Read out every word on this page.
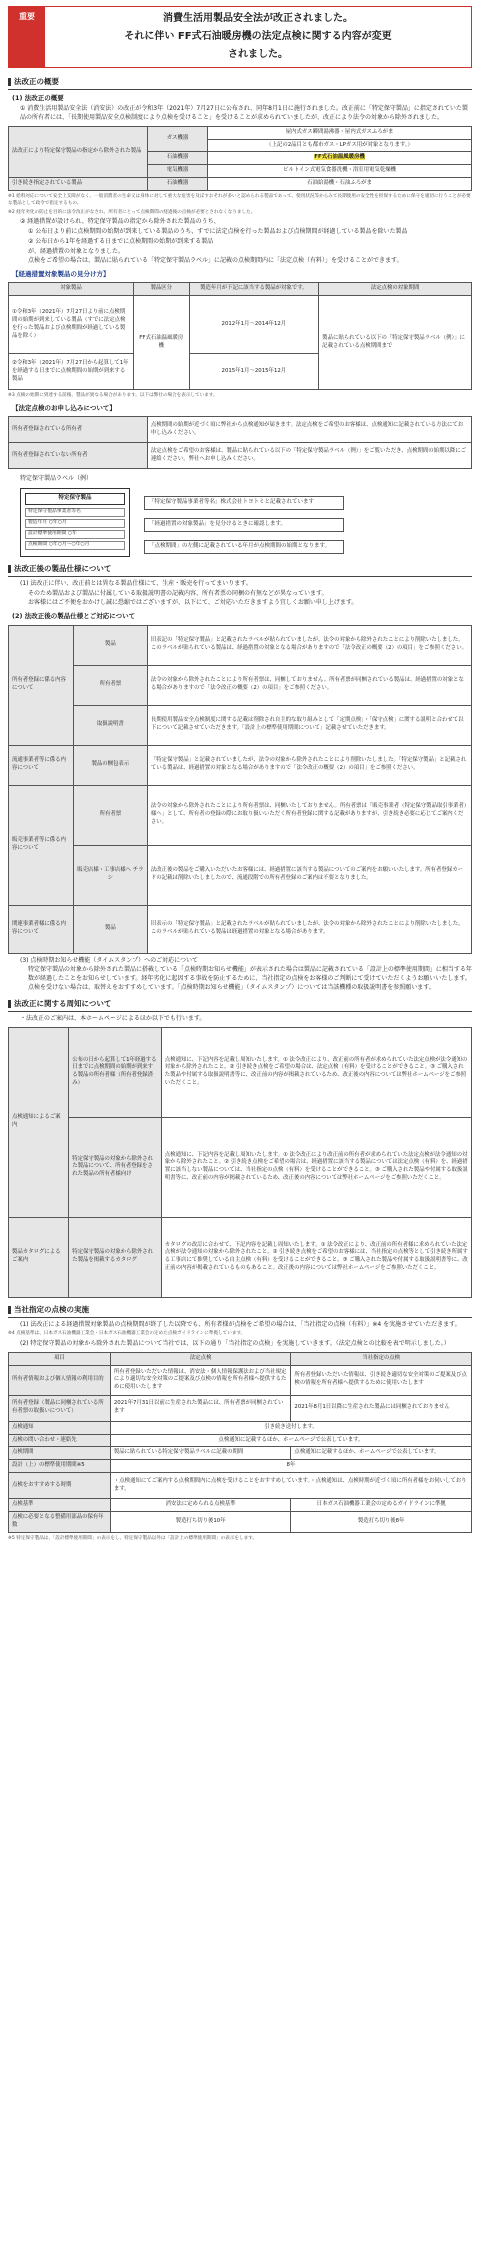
重要	消費生活用製品安全法が改正されました。
それに伴い FF式石油暖房機の法定点検に関する内容が変更
されました。
法改正の概要
(1) 法改正の概要

① 消費生活用製品安全法（消安法）の改正が令和3年（2021年）7月27日に公布され、同年8月1日に施行されました。改正前に「特定保守製品」に指定されていた製品の所有者には、「長期使用製品安全点検制度により点検を受けること」を受けることが求められていましたが、改正により法令の対象から除外されました。

法改正により特定保守製品の指定から除外された製品	ガス機器	屋内式ガス瞬間湯沸器・屋内式ガスふろがま
		（上記の2品目とも都市ガス・LPガス用が対象となります。）
	石油機器	FF式石油温風暖房機
	電気機器	ビルトイン式電気食器洗機・浴室用電気乾燥機
引き続き指定されている製品	石油機器	石油給湯機・石油ふろがま

※1 給料対応について安全上支障がなく、一般消費者の生命又は身体に対して重大な危害を及ぼすおそれが多いと認められる製品であって、使用状況等からみて長期使用の安全性を担保するために保守を適切に行うことが必要な製品として政令で指定するもの。

※2 経年劣化の防止を目的に法令改正がなされ、所有者にとって点検期間の経過後の点検が必要とされなくなりました。

② 経過措置が設けられ、特定保守製品の指定から除外された製品のうち、

① 公布日より前に点検期間の始期が到来している製品のうち、すでに法定点検を行った製品および点検期間が経過している製品を除いた製品

② 公布日から1年を経過する日までに点検期間の始期が到来する製品

が、経過措置の対象となりました。

点検をご希望の場合は、製品に貼られている「特定保守製品ラベル」に記載の点検期間内に「法定点検（有料）」を受けることができます。

【経過措置対象製品の見分け方】
対象製品	製品区分	製造年月が下記に該当する製品が対象です。	法定点検の対象期間
①令和3年（2021年）7月27日より前に点検期間の始期が到来している製品（すでに法定点検を行った製品および点検期間が経過している製品を除く）	FF式石油温風暖房機	2012年1月〜2014年12月	製品に貼られている以下の「特定保守製品ラベル（例）」に記載されている点検期間まで
②令和3年（2021年）7月27日から起算して1年を経過する日までに点検期間の始期が到来する製品		2015年1月〜2015年12月	

※3 点検の始期に到達する前後、製品が異なる場合があります。以下は弊社の場合を表示しています。

【法定点検のお申し込みについて】
所有者登録されている所有者	点検期間の始期が近づく頃に弊社から点検通知が届きます。法定点検をご希望のお客様は、点検通知に記載されている方法にてお申し込みください。
所有者登録されていない所有者	法定点検をご希望のお客様は、製品に貼られている以下の「特定保守製品ラベル（例）」をご覧いただき、点検期間の始期以降にご連絡ください。弊社へお申し込みください。

特定保守製品ラベル（例）

特定保守製品
特定保守製品事業者等名
製造年月 ○年○月
設計標準使用期間 ○年
点検期間 ○年○月〜○年○月
「特定保守製品事業者等名」株式会社トヨトミと記載されています
「経過措置の対象製品」を見分けるときに確認します。
「点検期間」の左側に記載されている年月が点検期間の始期となります。
法改正後の製品仕様について

(1) 法改正に伴い、改正前とは異なる製品仕様にて、生産・販売を行ってまいります。

そのため製品および製品に付属している取扱説明書の記載内容、所有者票の同梱の有無などが異なっています。

お客様にはご不便をおかけし誠に恐縮ではございますが、以下にて、ご対応いただきますよう宜しくお願い申し上げます。

(2) 法改正後の製品仕様とご対応について
所有者登録に係る内容について	製品	旧表記の「特定保守製品」と記載されたラベルが貼られていましたが、法令の対象から除外されたことにより削除いたしました。このラベルが貼られている製品は、経過措置の対象となる場合がありますので「法令改正の概要（2）の項目」をご参照ください。
	所有者票	法令の対象から除外されたことにより所有者票は、同梱しておりません。所有者票が同梱されている製品は、経過措置の対象となる場合がありますので「法令改正の概要（2）の項目」をご参照ください。
	取扱説明書	長期使用製品安全点検制度に関する記載は削除され自主的な取り組みとして「定期点検」・「保守点検」に関する説明と合わせて以下について記載させていただきます。「設計上の標準使用期間について」記載させていただきます。
流通事業者等に係る内容について	製品の梱包表示	「特定保守製品」と記載されていましたが、法令の対象から除外されたことにより削除いたしました。「特定保守製品」と記載されている製品は、経過措置の対象となる場合がありますので「法令改正の概要（2）の項目」をご参照ください。
販売事業者等に係る内容について	所有者票	法令の対象から除外されたことにより所有者票は、同梱いたしておりません。所有者票は「販売事業者（特定保守製品取引事業者）様へ」として、所有者の登録の際にお取り扱いいただく所有者登録に関する記載がありますが、引き続き必要に応じてご案内ください。
	販売店様・工事店様へ チラシ	法改正後の製品をご購入いただいたお客様には、経過措置に該当する製品についてのご案内をお願いいたします。所有者登録カードの記載は削除いたしましたので、流通段階での所有者登録のご案内は不要となりました。
関連事業者様に係る内容について	製品	旧表示の「特定保守製品」と記載されたラベルが貼られていましたが、法令の対象から除外されたことにより削除いたしました。このラベルが貼られている製品は経過措置の対象となる場合があります。

(3) 点検時期お知らせ機能（タイムスタンプ）へのご対応について

特定保守製品の対象から除外された製品に搭載している「点検時期お知らせ機能」が表示された場合は製品に記載されている「設計上の標準使用期間」に相当する年数が経過したことをお知らせしています。経年劣化に起因する事故を防止するために、当社指定の点検をお客様のご判断にて受けていただくようお願いいたします。点検を受けない場合は、取替えをおすすめしています。「点検時期お知らせ機能」（タイムスタンプ）については当該機種の取扱説明書を参照願います。

法改正に関する周知について

・法改正のご案内は、本ホームページによるほか以下でも行います。

点検通知によるご案内	公布の日から起算して1年経過する日までに点検期間の始期が到来する製品の所有者様（所有者登録済み）	点検通知に、下記内容を記載し周知いたします。① 法令改正により、改正前の所有者が求められていた法定点検が法令通知の対象から除外されたこと。② 引き続き点検をご希望の場合は、法定点検（有料）を受けることができること。③ ご購入された製品や付属する取扱説明書等に、改正前の内容が掲載されているため、改正後の内容については弊社ホームページをご参照いただくこと。
	特定保守製品の対象から除外された製品について、所有者登録をされた製品の所有者様向け	点検通知に、下記内容を記載し周知いたします。① 法令改正により改正前の所有者が求められていた法定点検が法令通知の対象から除外されたこと。② 引き続き点検をご希望の場合は、経過措置に該当する製品については法定点検（有料）を、経過措置に該当しない製品については、当社指定の点検（有料）を受けることができること。③ ご購入された製品や付属する取扱説明書等に、改正前の内容が掲載されているため、改正後の内容については弊社ホームページをご参照いただくこと。
製品カタログによるご案内	特定保守製品の対象から除外された製品を掲載するカタログ	カタログの改訂に合わせて、下記内容を記載し周知いたします。① 法令改正により、改正前の所有者様に求められていた法定点検が法令通知の対象から除外されたこと。② 引き続き点検をご希望のお客様には、当社指定の点検等として引き続き所属する工事店にて推奨している自主点検（有料）を受けることができること。③ ご購入された製品や付属する取扱説明書等に、改正前の内容が掲載されているものもあること。改正後の内容については弊社ホームページをご参照いただくこと。
当社指定の点検の実施

(1) 法改正による経過措置対象製品の点検期間が終了した以降でも、所有者様が点検をご希望の場合は、「当社指定の点検（有料）」※4 を実施させていただきます。

※4 点検基準は、日本ガス石油機器工業会・日本ガス石油機器工業会の定めた点検ガイドラインに準拠しています。

(2) 特定保守製品の対象から除外された製品について当社では、以下の通り「当社指定の点検」を実施していきます。（法定点検との比較を表で明示しました。）

項目	法定点検	当社指定の点検
所有者情報および個人情報の利用目的	所有者登録いただいた情報は、消安法・個人情報保護法および当社規定により適切な安全対策のご提案及び点検の情報を所有者様へ提供するために使用いたします	所有者登録いただいた情報は、引き続き適切な安全対策のご提案及び点検の情報を所有者様へ提供するために使用いたします
所有者登録（製品に同梱されている所有者票の取扱いについて）	2021年7月31日以前に生産された製品には、所有者票が同梱されています	2021年8月1日以降に生産された製品には同梱されておりません
点検通知	引き続き送付します。	
点検の問い合わせ・連絡先	点検通知に記載するほか、ホームページで公表しています。	
点検期間	製品に貼られている特定保守製品ラベルに記載の期間	点検通知に記載するほか、ホームページで公表しています。
設計（上）の標準使用期間※5	8年	
点検をおすすめする時期	・点検通知にてご案内する点検期間内に点検を受けることをおすすめしています。・点検通知は、点検時期が近づく頃に所有者様をお伺いしております。	
点検基準	消安法に定められる点検基準	日本ガス石油機器工業会の定めるガイドラインに準拠
点検に必要となる整備用部品の保有年数	製造打ち切り後10年	製造打ち切り後8年

※5 特定保守製品は、「設計標準使用期間」の表示をし、特定保守製品以外は「設計上の標準使用期間」の表示をします。
